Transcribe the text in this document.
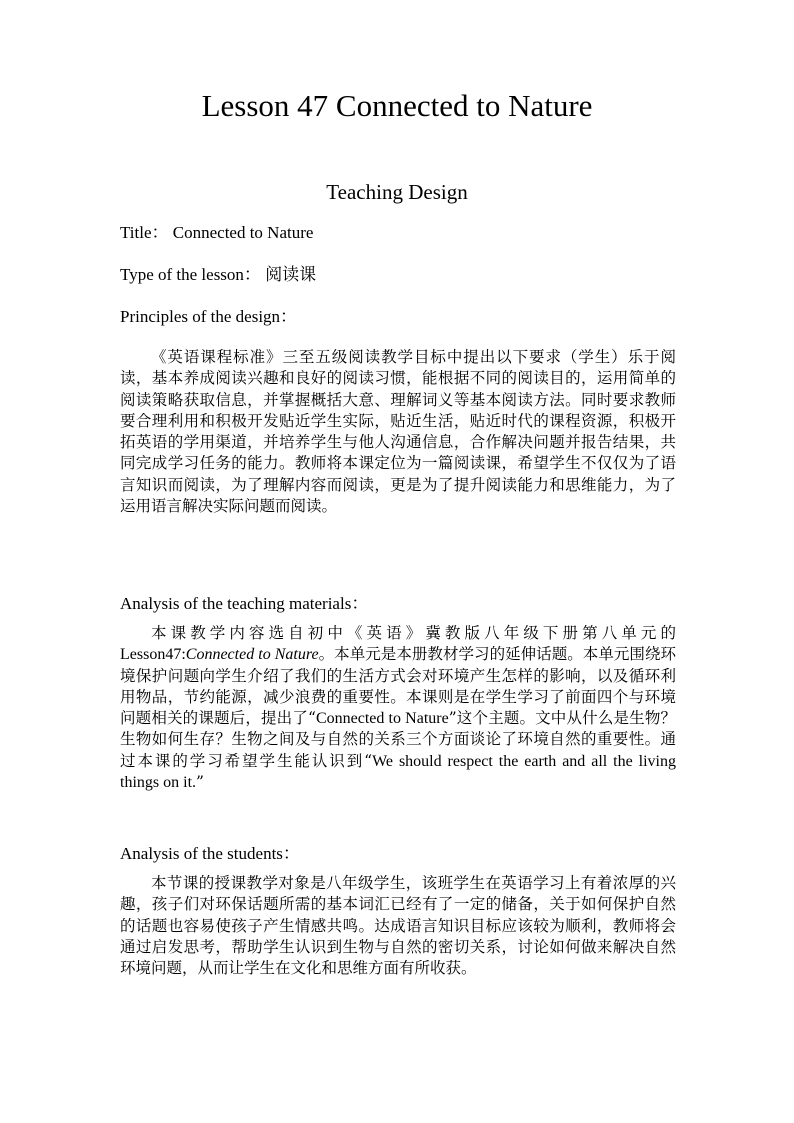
Lesson 47 Connected to Nature
Teaching Design
Title： Connected to Nature
Type of the lesson： 阅读课
Principles of the design：

《英语课程标准》三至五级阅读教学目标中提出以下要求（学生）乐于阅读，基本养成阅读兴趣和良好的阅读习惯，能根据不同的阅读目的，运用简单的阅读策略获取信息，并掌握概括大意、理解词义等基本阅读方法。同时要求教师要合理利用和积极开发贴近学生实际，贴近生活，贴近时代的课程资源，积极开拓英语的学用渠道，并培养学生与他人沟通信息，合作解决问题并报告结果，共同完成学习任务的能力。教师将本课定位为一篇阅读课，希望学生不仅仅为了语言知识而阅读，为了理解内容而阅读，更是为了提升阅读能力和思维能力，为了运用语言解决实际问题而阅读。

Analysis of the teaching materials：

本课教学内容选自初中《英语》冀教版八年级下册第八单元的Lesson47:Connected to Nature。本单元是本册教材学习的延伸话题。本单元围绕环境保护问题向学生介绍了我们的生活方式会对环境产生怎样的影响，以及循环利用物品，节约能源，减少浪费的重要性。本课则是在学生学习了前面四个与环境问题相关的课题后，提出了“Connected to Nature”这个主题。文中从什么是生物？生物如何生存？生物之间及与自然的关系三个方面谈论了环境自然的重要性。通过本课的学习希望学生能认识到“We should respect the earth and all the living things on it.”

Analysis of the students：

本节课的授课教学对象是八年级学生，该班学生在英语学习上有着浓厚的兴趣，孩子们对环保话题所需的基本词汇已经有了一定的储备，关于如何保护自然的话题也容易使孩子产生情感共鸣。达成语言知识目标应该较为顺利，教师将会通过启发思考，帮助学生认识到生物与自然的密切关系，讨论如何做来解决自然环境问题，从而让学生在文化和思维方面有所收获。
